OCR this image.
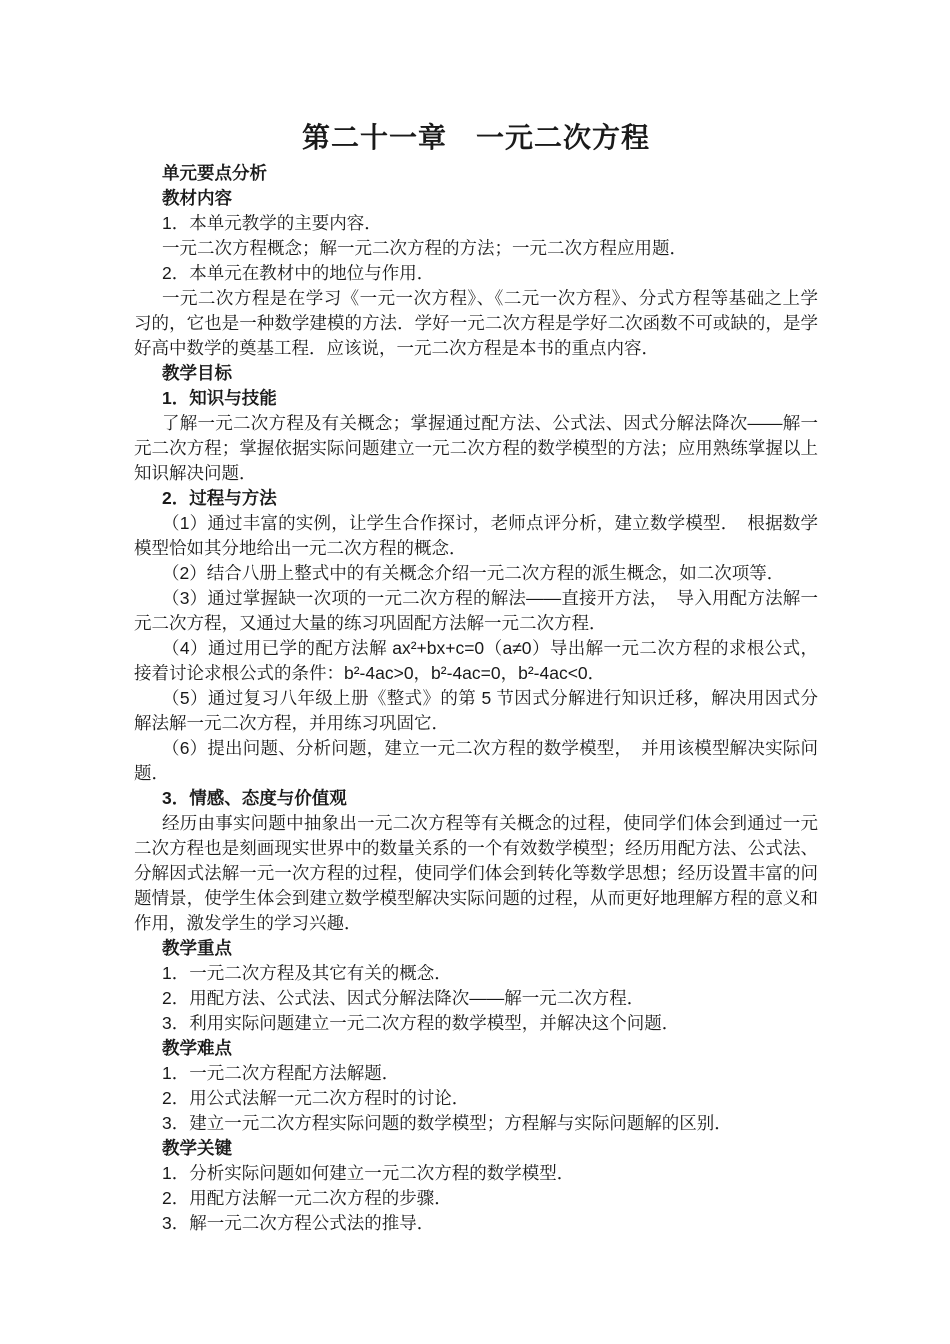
第二十一章　一元二次方程

单元要点分析

教材内容

1．本单元教学的主要内容．

一元二次方程概念；解一元二次方程的方法；一元二次方程应用题．

2．本单元在教材中的地位与作用．

一元二次方程是在学习《一元一次方程》、《二元一次方程》、分式方程等基础之上学习的，它也是一种数学建模的方法．学好一元二次方程是学好二次函数不可或缺的，是学好高中数学的奠基工程．应该说，一元二次方程是本书的重点内容．

教学目标

1．知识与技能

了解一元二次方程及有关概念；掌握通过配方法、公式法、因式分解法降次——解一元二次方程；掌握依据实际问题建立一元二次方程的数学模型的方法；应用熟练掌握以上知识解决问题．

2．过程与方法

（1）通过丰富的实例，让学生合作探讨，老师点评分析，建立数学模型．　根据数学模型恰如其分地给出一元二次方程的概念．

（2）结合八册上整式中的有关概念介绍一元二次方程的派生概念，如二次项等．

（3）通过掌握缺一次项的一元二次方程的解法——直接开方法，　导入用配方法解一元二次方程，又通过大量的练习巩固配方法解一元二次方程．

（4）通过用已学的配方法解 ax²+bx+c=0（a≠0）导出解一元二次方程的求根公式，接着讨论求根公式的条件：b²-4ac>0，b²-4ac=0，b²-4ac<0．

（5）通过复习八年级上册《整式》的第 5 节因式分解进行知识迁移，解决用因式分解法解一元二次方程，并用练习巩固它．

（6）提出问题、分析问题，建立一元二次方程的数学模型，　并用该模型解决实际问题．

3．情感、态度与价值观

经历由事实问题中抽象出一元二次方程等有关概念的过程，使同学们体会到通过一元二次方程也是刻画现实世界中的数量关系的一个有效数学模型；经历用配方法、公式法、分解因式法解一元一次方程的过程，使同学们体会到转化等数学思想；经历设置丰富的问题情景，使学生体会到建立数学模型解决实际问题的过程，从而更好地理解方程的意义和作用，激发学生的学习兴趣．

教学重点

1．一元二次方程及其它有关的概念．

2．用配方法、公式法、因式分解法降次——解一元二次方程．

3．利用实际问题建立一元二次方程的数学模型，并解决这个问题．

教学难点

1．一元二次方程配方法解题．

2．用公式法解一元二次方程时的讨论．

3．建立一元二次方程实际问题的数学模型；方程解与实际问题解的区别．

教学关键

1．分析实际问题如何建立一元二次方程的数学模型．

2．用配方法解一元二次方程的步骤．

3．解一元二次方程公式法的推导．
